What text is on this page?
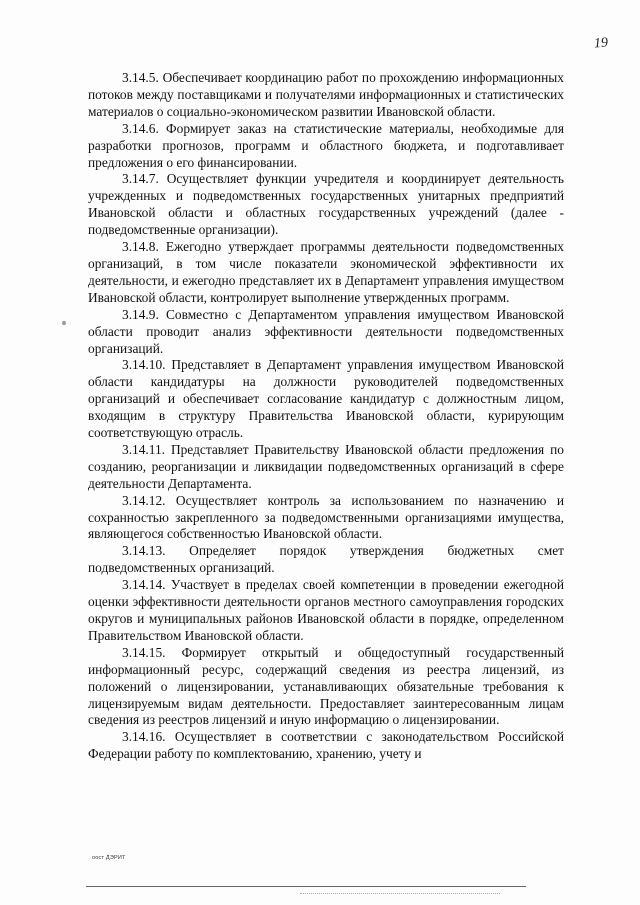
19

3.14.5. Обеспечивает координацию работ по прохождению информационных потоков между поставщиками и получателями информационных и статистических материалов о социально-экономическом развитии Ивановской области.

3.14.6. Формирует заказ на статистические материалы, необходимые для разработки прогнозов, программ и областного бюджета, и подготавливает предложения о его финансировании.

3.14.7. Осуществляет функции учредителя и координирует деятельность учрежденных и подведомственных государственных унитарных предприятий Ивановской области и областных государственных учреждений (далее - подведомственные организации).

3.14.8. Ежегодно утверждает программы деятельности подведомственных организаций, в том числе показатели экономической эффективности их деятельности, и ежегодно представляет их в Департамент управления имуществом Ивановской области, контролирует выполнение утвержденных программ.

3.14.9. Совместно с Департаментом управления имуществом Ивановской области проводит анализ эффективности деятельности подведомственных организаций.

3.14.10. Представляет в Департамент управления имуществом Ивановской области кандидатуры на должности руководителей подведомственных организаций и обеспечивает согласование кандидатур с должностным лицом, входящим в структуру Правительства Ивановской области, курирующим соответствующую отрасль.

3.14.11. Представляет Правительству Ивановской области предложения по созданию, реорганизации и ликвидации подведомственных организаций в сфере деятельности Департамента.

3.14.12. Осуществляет контроль за использованием по назначению и сохранностью закрепленного за подведомственными организациями имущества, являющегося собственностью Ивановской области.

3.14.13. Определяет порядок утверждения бюджетных смет подведомственных организаций.

3.14.14. Участвует в пределах своей компетенции в проведении ежегодной оценки эффективности деятельности органов местного самоуправления городских округов и муниципальных районов Ивановской области в порядке, определенном Правительством Ивановской области.

3.14.15. Формирует открытый и общедоступный государственный информационный ресурс, содержащий сведения из реестра лицензий, из положений о лицензировании, устанавливающих обязательные требования к лицензируемым видам деятельности. Предоставляет заинтересованным лицам сведения из реестров лицензий и иную информацию о лицензировании.

3.14.16. Осуществляет в соответствии с законодательством Российской Федерации работу по комплектованию, хранению, учету и

оост ДЭРИТ
